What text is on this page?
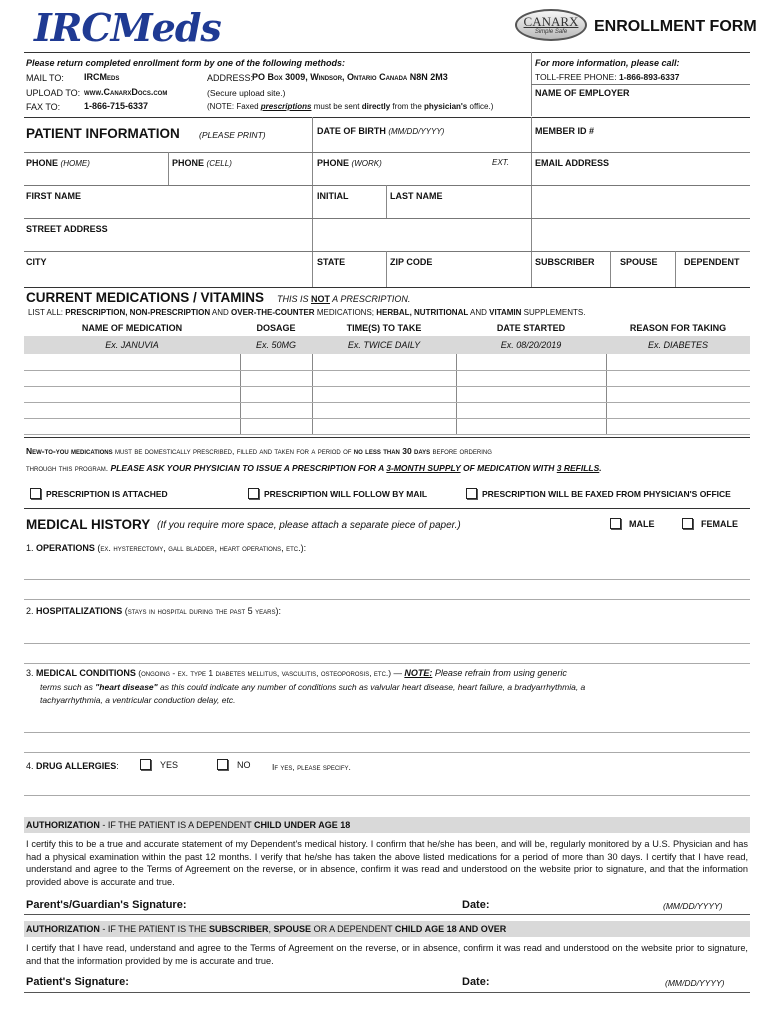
IRCMeds	CANARX
Simple Safe	ENROLLMENT FORM
Please return completed enrollment form by one of the following methods:
MAIL TO: IRCMeds	ADDRESS:
PO Box 3009, Windsor, Ontario Canada N8N 2M3
UPLOAD TO: www.CanarxDocs.com	(Secure upload site.)
FAX TO:	1-866-715-6337	(NOTE: Faxed prescriptions must be sent directly from the physician's office.)
For more information, please call:
TOLL-FREE PHONE: 1-866-893-6337
NAME OF EMPLOYER
PATIENT INFORMATION (PLEASE PRINT)	DATE OF BIRTH (MM/DD/YYYY)	MEMBER ID #
PHONE (HOME)	PHONE (CELL)	PHONE (WORK)	EXT.	EMAIL ADDRESS
FIRST NAME	INITIAL	LAST NAME
STREET ADDRESS
CITY	STATE	ZIP CODE	SUBSCRIBER	SPOUSE	DEPENDENT
CURRENT MEDICATIONS / VITAMINS THIS IS NOT A PRESCRIPTION.
LIST ALL: PRESCRIPTION, NON-PRESCRIPTION AND OVER-THE-COUNTER MEDICATIONS; HERBAL, NUTRITIONAL AND VITAMIN SUPPLEMENTS.
NAME OF MEDICATION	DOSAGE	TIME(S) TO TAKE	DATE STARTED	REASON FOR TAKING
Ex. JANUVIA	Ex. 50MG	Ex. TWICE DAILY	Ex. 08/20/2019	Ex. DIABETES
New-to-you medications must be domestically prescribed, filled and taken for a period of no less than 30 days before ordering
through this program. PLEASE ASK YOUR PHYSICIAN TO ISSUE A PRESCRIPTION FOR A 3-MONTH SUPPLY OF MEDICATION WITH 3 REFILLS.
PRESCRIPTION IS ATTACHED	PRESCRIPTION WILL FOLLOW BY MAIL	PRESCRIPTION WILL BE FAXED FROM PHYSICIAN'S OFFICE
MEDICAL HISTORY (If you require more space, please attach a separate piece of paper.)	MALE	FEMALE
1. OPERATIONS (ex. hysterectomy, gall bladder, heart operations, etc.):
2. HOSPITALIZATIONS (stays in hospital during the past 5 years):
3. MEDICAL CONDITIONS (ongoing - ex. type 1 diabetes mellitus, vasculitis, osteoporosis, etc.) — NOTE: Please refrain from using generic
terms such as "heart disease" as this could indicate any number of conditions such as valvular heart disease, heart failure, a bradyarrhythmia, a
tachyarrhythmia, a ventricular conduction delay, etc.
4. DRUG ALLERGIES:	YES	NO	If yes, please specify.
AUTHORIZATION - IF THE PATIENT IS A DEPENDENT CHILD UNDER AGE 18
I certify this to be a true and accurate statement of my Dependent's medical history. I confirm that he/she has been, and will be, regularly monitored by a U.S. Physician and has had a physical examination within the past 12 months. I verify that he/she has taken the above listed medications for a period of more than 30 days. I certify that I have read, understand and agree to the Terms of Agreement on the reverse, or in absence, confirm it was read and understood on the website prior to signature, and that the information provided above is accurate and true.
Parent's/Guardian's Signature:	Date:	(MM/DD/YYYY)
AUTHORIZATION - IF THE PATIENT IS THE SUBSCRIBER, SPOUSE OR A DEPENDENT CHILD AGE 18 AND OVER
I certify that I have read, understand and agree to the Terms of Agreement on the reverse, or in absence, confirm it was read and understood on the website prior to signature, and that the information provided by me is accurate and true.
Patient's Signature:	Date:	(MM/DD/YYYY)
